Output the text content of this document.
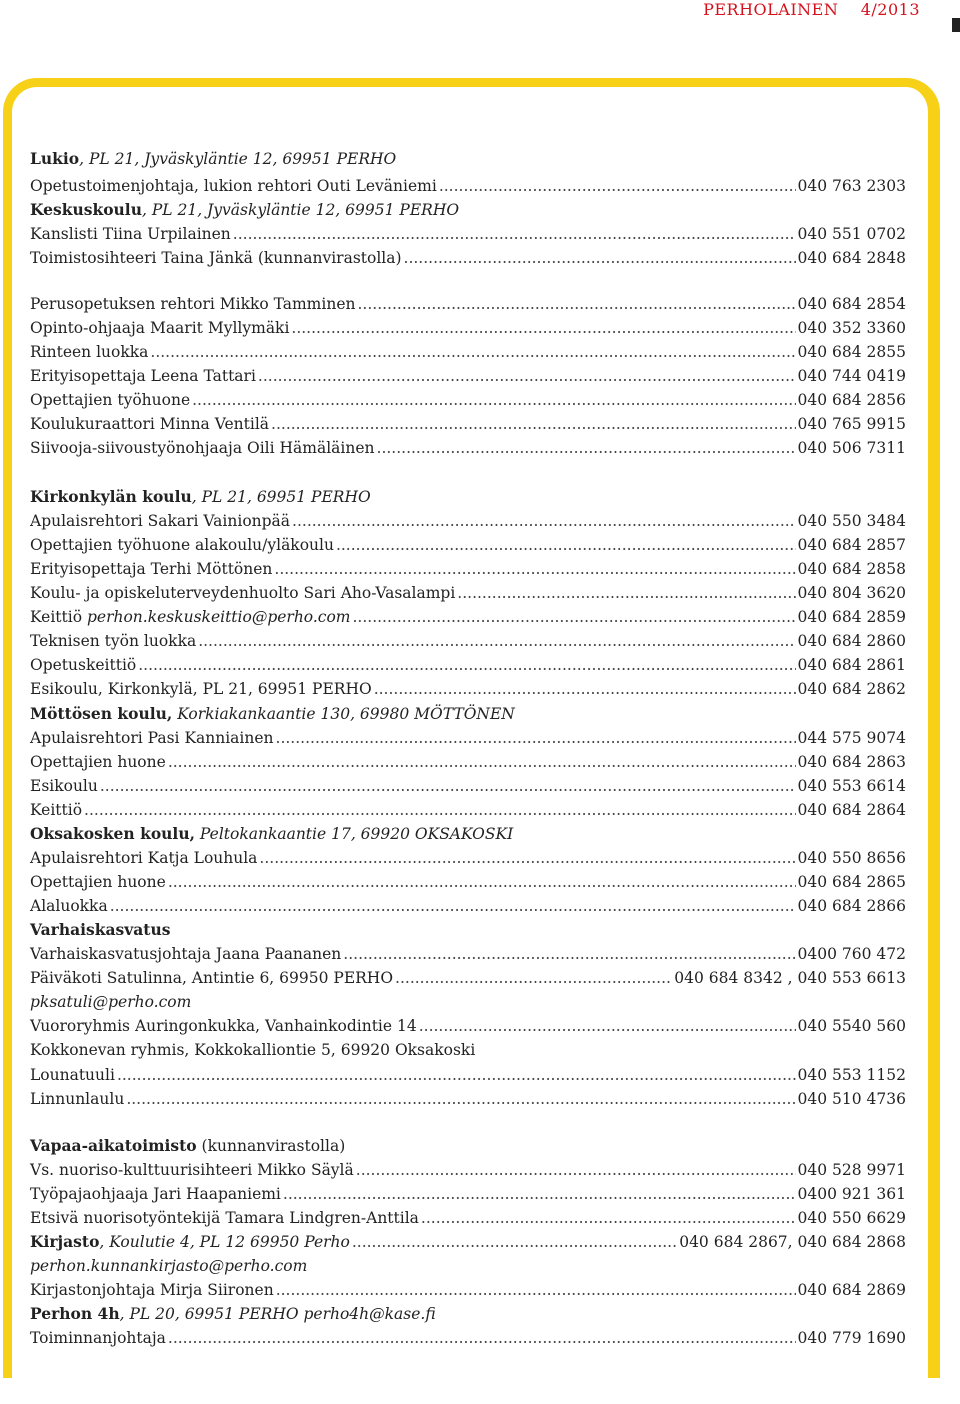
PERHOLAINEN 4/2013
Lukio, PL 21, Jyväskyläntie 12, 69951 PERHO
Opetustoimenjohtaja, lukion rehtori Outi Leväniemi .....	040 763 2303
Keskuskoulu, PL 21, Jyväskyläntie 12, 69951 PERHO
Kanslisti Tiina Urpilainen .....	040 551 0702
Toimistosihteeri Taina Jänkä (kunnanvirastolla) .....	040 684 2848
Perusopetuksen rehtori Mikko Tamminen .....	040 684 2854
Opinto-ohjaaja Maarit Myllymäki .....	040 352 3360
Rinteen luokka .....	040 684 2855
Erityisopettaja Leena Tattari .....	040 744 0419
Opettajien työhuone .....	040 684 2856
Koulukuraattori Minna Ventilä .....	040 765 9915
Siivooja-siivoustyönohjaaja Oili Hämäläinen .....	040 506 7311
Kirkonkylän koulu, PL 21, 69951 PERHO
Apulaisrehtori Sakari Vainionpää .....	040 550 3484
Opettajien työhuone alakoulu/yläkoulu .....	040 684 2857
Erityisopettaja Terhi Möttönen .....	040 684 2858
Koulu- ja opiskeluterveydenhuolto Sari Aho-Vasalampi .....	040 804 3620
Keittiö perhon.keskuskeittio@perho.com .....	040 684 2859
Teknisen työn luokka .....	040 684 2860
Opetuskeittiö .....	040 684 2861
Esikoulu, Kirkonkylä, PL 21, 69951 PERHO .....	040 684 2862
Möttösen koulu, Korkiakankaantie 130, 69980 MÖTTÖNEN
Apulaisrehtori Pasi Kanniainen .....	044 575 9074
Opettajien huone .....	040 684 2863
Esikoulu .....	040 553 6614
Keittiö .....	040 684 2864
Oksakosken koulu, Peltokankaantie 17, 69920 OKSAKOSKI
Apulaisrehtori Katja Louhula .....	040 550 8656
Opettajien huone .....	040 684 2865
Alaluokka .....	040 684 2866
Varhaiskasvatus
Varhaiskasvatusjohtaja Jaana Paananen .....	0400 760 472
Päiväkoti Satulinna, Antintie 6, 69950 PERHO .....	040 684 8342 , 040 553 6613
pksatuli@perho.com
Vuororyhmis Auringonkukka, Vanhainkodintie 14 .....	040 5540 560
Kokkonevan ryhmis, Kokkokalliontie 5, 69920 Oksakoski
Lounatuuli .....	040 553 1152
Linnunlaulu .....	040 510 4736
Vapaa-aikatoimisto (kunnanvirastolla)
Vs. nuoriso-kulttuurisihteeri Mikko Säylä .....	040 528 9971
Työpajaohjaaja Jari Haapaniemi .....	0400 921 361
Etsivä nuorisotyöntekijä Tamara Lindgren-Anttila .....	040 550 6629
Kirjasto, Koulutie 4, PL 12 69950 Perho .....	040 684 2867, 040 684 2868
perhon.kunnankirjasto@perho.com
Kirjastonjohtaja Mirja Siironen .....	040 684 2869
Perhon 4h, PL 20, 69951 PERHO perho4h@kase.fi
Toiminnanjohtaja .....	040 779 1690
